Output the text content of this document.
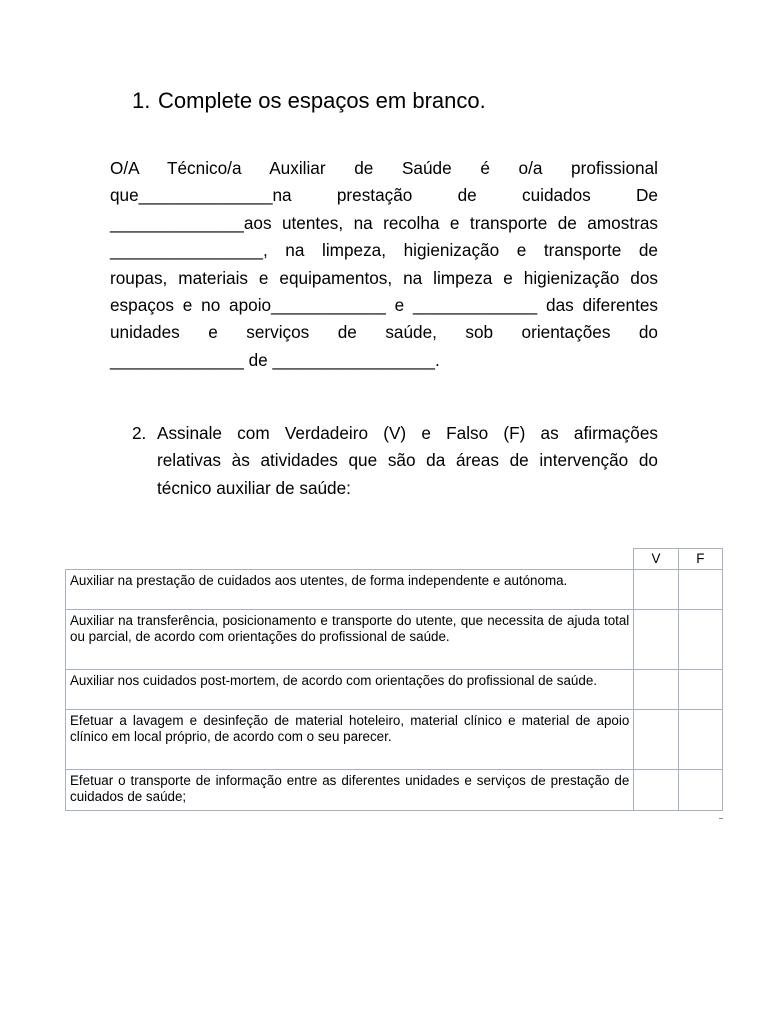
1. Complete os espaços em branco.
O/A Técnico/a Auxiliar de Saúde é o/a profissional
que______________na prestação de cuidados De
______________aos utentes, na recolha e transporte de amostras
________________, na limpeza, higienização e transporte de
roupas, materiais e equipamentos, na limpeza e higienização dos
espaços e no apoio____________ e _____________ das diferentes
unidades e serviços de saúde, sob orientações do
______________ de _________________.
2. Assinale com Verdadeiro (V) e Falso (F) as afirmações
relativas às atividades que são da áreas de intervenção do
técnico auxiliar de saúde:
	V	F
Auxiliar na prestação de cuidados aos utentes, de forma independente e autónoma.		
Auxiliar na transferência, posicionamento e transporte do utente, que necessita de ajuda total ou parcial, de acordo com orientações do profissional de saúde.		
Auxiliar nos cuidados post-mortem, de acordo com orientações do profissional de saúde.		
Efetuar a lavagem e desinfeção de material hoteleiro, material clínico e material de apoio clínico em local próprio, de acordo com o seu parecer.		
Efetuar o transporte de informação entre as diferentes unidades e serviços de prestação de cuidados de saúde;		
